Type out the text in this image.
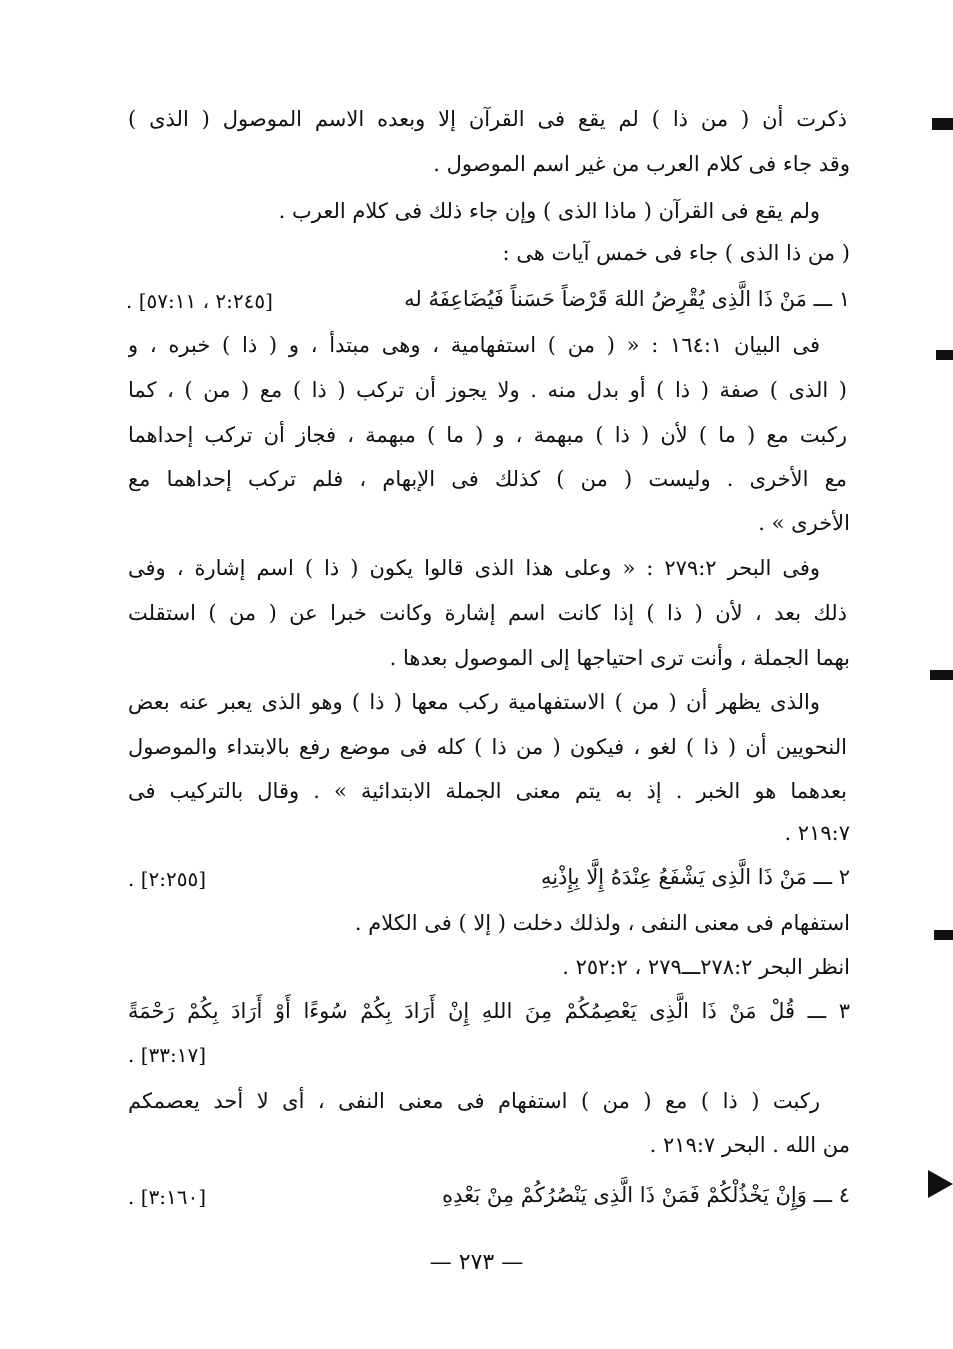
ذكرت أن ( من ذا ) لم يقع فى القرآن إلا وبعده الاسم الموصول ( الذى )
وقد جاء فى كلام العرب من غير اسم الموصول .
ولم يقع فى القرآن ( ماذا الذى ) وإن جاء ذلك فى كلام العرب .
( من ذا الذى ) جاء فى خمس آيات هى :
١ ـــ مَنْ ذَا الَّذِى يُقْرِضُ اللهَ قَرْضاً حَسَناً فَيُضَاعِفَهُ له
[٢:٢٤٥ ، ٥٧:١١] .
فى البيان ١٦٤:١ : « ( من ) استفهامية ، وهى مبتدأ ، و ( ذا ) خبره ، و
( الذى ) صفة ( ذا ) أو بدل منه . ولا يجوز أن تركب ( ذا ) مع ( من ) ، كما
ركبت مع ( ما ) لأن ( ذا ) مبهمة ، و ( ما ) مبهمة ، فجاز أن تركب إحداهما
مع الأخرى . وليست ( من ) كذلك فى الإبهام ، فلم تركب إحداهما مع
الأخرى » .
وفى البحر ٢٧٩:٢ : « وعلى هذا الذى قالوا يكون ( ذا ) اسم إشارة ، وفى
ذلك بعد ، لأن ( ذا ) إذا كانت اسم إشارة وكانت خبرا عن ( من ) استقلت
بهما الجملة ، وأنت ترى احتياجها إلى الموصول بعدها .
والذى يظهر أن ( من ) الاستفهامية ركب معها ( ذا ) وهو الذى يعبر عنه بعض
النحويين أن ( ذا ) لغو ، فيكون ( من ذا ) كله فى موضع رفع بالابتداء والموصول
بعدهما هو الخبر . إذ به يتم معنى الجملة الابتدائية » . وقال بالتركيب فى
٢١٩:٧ .
٢ ـــ مَنْ ذَا الَّذِى يَشْفَعُ عِنْدَهُ إِلَّا بِإِذْنِهِ
[٢:٢٥٥] .
استفهام فى معنى النفى ، ولذلك دخلت ( إلا ) فى الكلام .
انظر البحر ٢٧٨:٢ـــ٢٧٩ ، ٢٥٢:٢ .
٣ ـــ قُلْ مَنْ ذَا الَّذِى يَعْصِمُكُمْ مِنَ اللهِ إِنْ أَرَادَ بِكُمْ سُوءًا أَوْ أَرَادَ بِكُمْ رَحْمَةً
[٣٣:١٧] .
ركبت ( ذا ) مع ( من ) استفهام فى معنى النفى ، أى لا أحد يعصمكم
من الله . البحر ٢١٩:٧ .
٤ ـــ وَإِنْ يَخْذُلْكُمْ فَمَنْ ذَا الَّذِى يَنْصُرُكُمْ مِنْ بَعْدِهِ
[٣:١٦٠] .
— ٢٧٣ —
